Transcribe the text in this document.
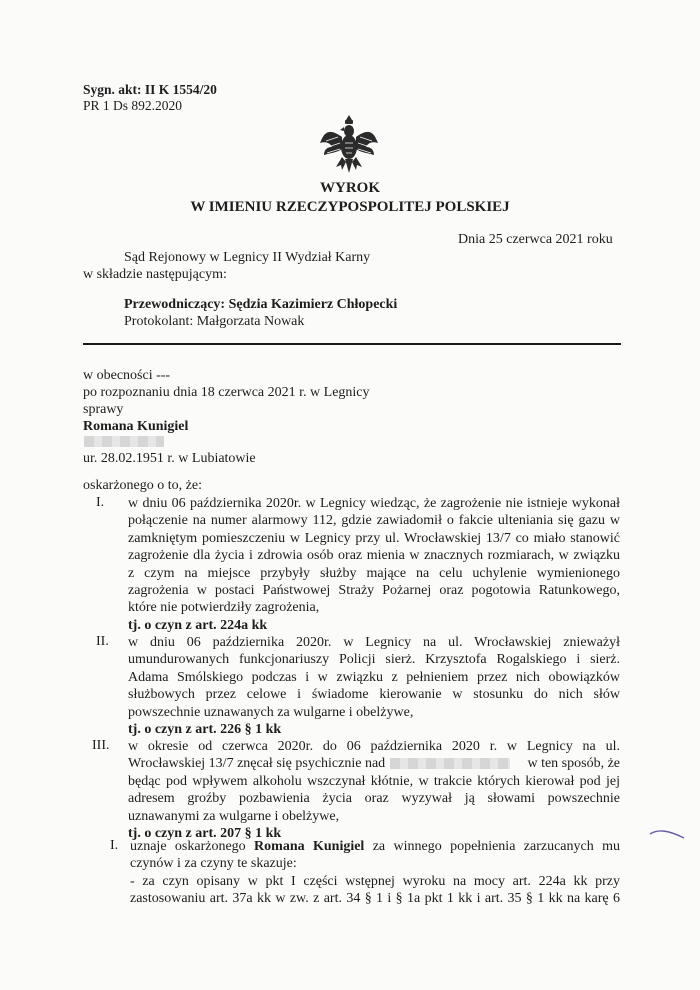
Sygn. akt: II K 1554/20
PR 1 Ds 892.2020
WYROK
W IMIENIU RZECZYPOSPOLITEJ POLSKIEJ
Dnia 25 czerwca 2021 roku
Sąd Rejonowy w Legnicy II Wydział Karny
w składzie następującym:
Przewodniczący: Sędzia Kazimierz Chłopecki
Protokolant: Małgorzata Nowak
w obecności ---
po rozpoznaniu dnia 18 czerwca 2021 r. w Legnicy
sprawy
Romana Kunigiel
ur. 28.02.1951 r. w Lubiatowie
oskarżonego o to, że:
I. w dniu 06 października 2020r. w Legnicy wiedząc, że zagrożenie nie istnieje wykonał
połączenie na numer alarmowy 112, gdzie zawiadomił o fakcie ulteniania się gazu w
zamkniętym pomieszczeniu w Legnicy przy ul. Wrocławskiej 13/7 co miało stanowić
zagrożenie dla życia i zdrowia osób oraz mienia w znacznych rozmiarach, w związku
z czym na miejsce przybyły służby mające na celu uchylenie wymienionego
zagrożenia w postaci Państwowej Straży Pożarnej oraz pogotowia Ratunkowego,
które nie potwierdziły zagrożenia,
tj. o czyn z art. 224a kk
II. w dniu 06 października 2020r. w Legnicy na ul. Wrocławskiej znieważył
umundurowanych funkcjonariuszy Policji sierż. Krzysztofa Rogalskiego i sierż.
Adama Smólskiego podczas i w związku z pełnieniem przez nich obowiązków
służbowych przez celowe i świadome kierowanie w stosunku do nich słów
powszechnie uznawanych za wulgarne i obelżywe,
tj. o czyn z art. 226 § 1 kk
III. w okresie od czerwca 2020r. do 06 października 2020 r. w Legnicy na ul.
Wrocławskiej 13/7 znęcał się psychicznie nad	w ten sposób, że
będąc pod wpływem alkoholu wszczynał kłótnie, w trakcie których kierował pod jej
adresem groźby pozbawienia życia oraz wyzywał ją słowami powszechnie
uznawanymi za wulgarne i obelżywe,
tj. o czyn z art. 207 § 1 kk
I. uznaje oskarżonego Romana Kunigiel za winnego popełnienia zarzucanych mu
czynów i za czyny te skazuje:
- za czyn opisany w pkt I części wstępnej wyroku na mocy art. 224a kk przy
zastosowaniu art. 37a kk w zw. z art. 34 § 1 i § 1a pkt 1 kk i art. 35 § 1 kk na karę 6
